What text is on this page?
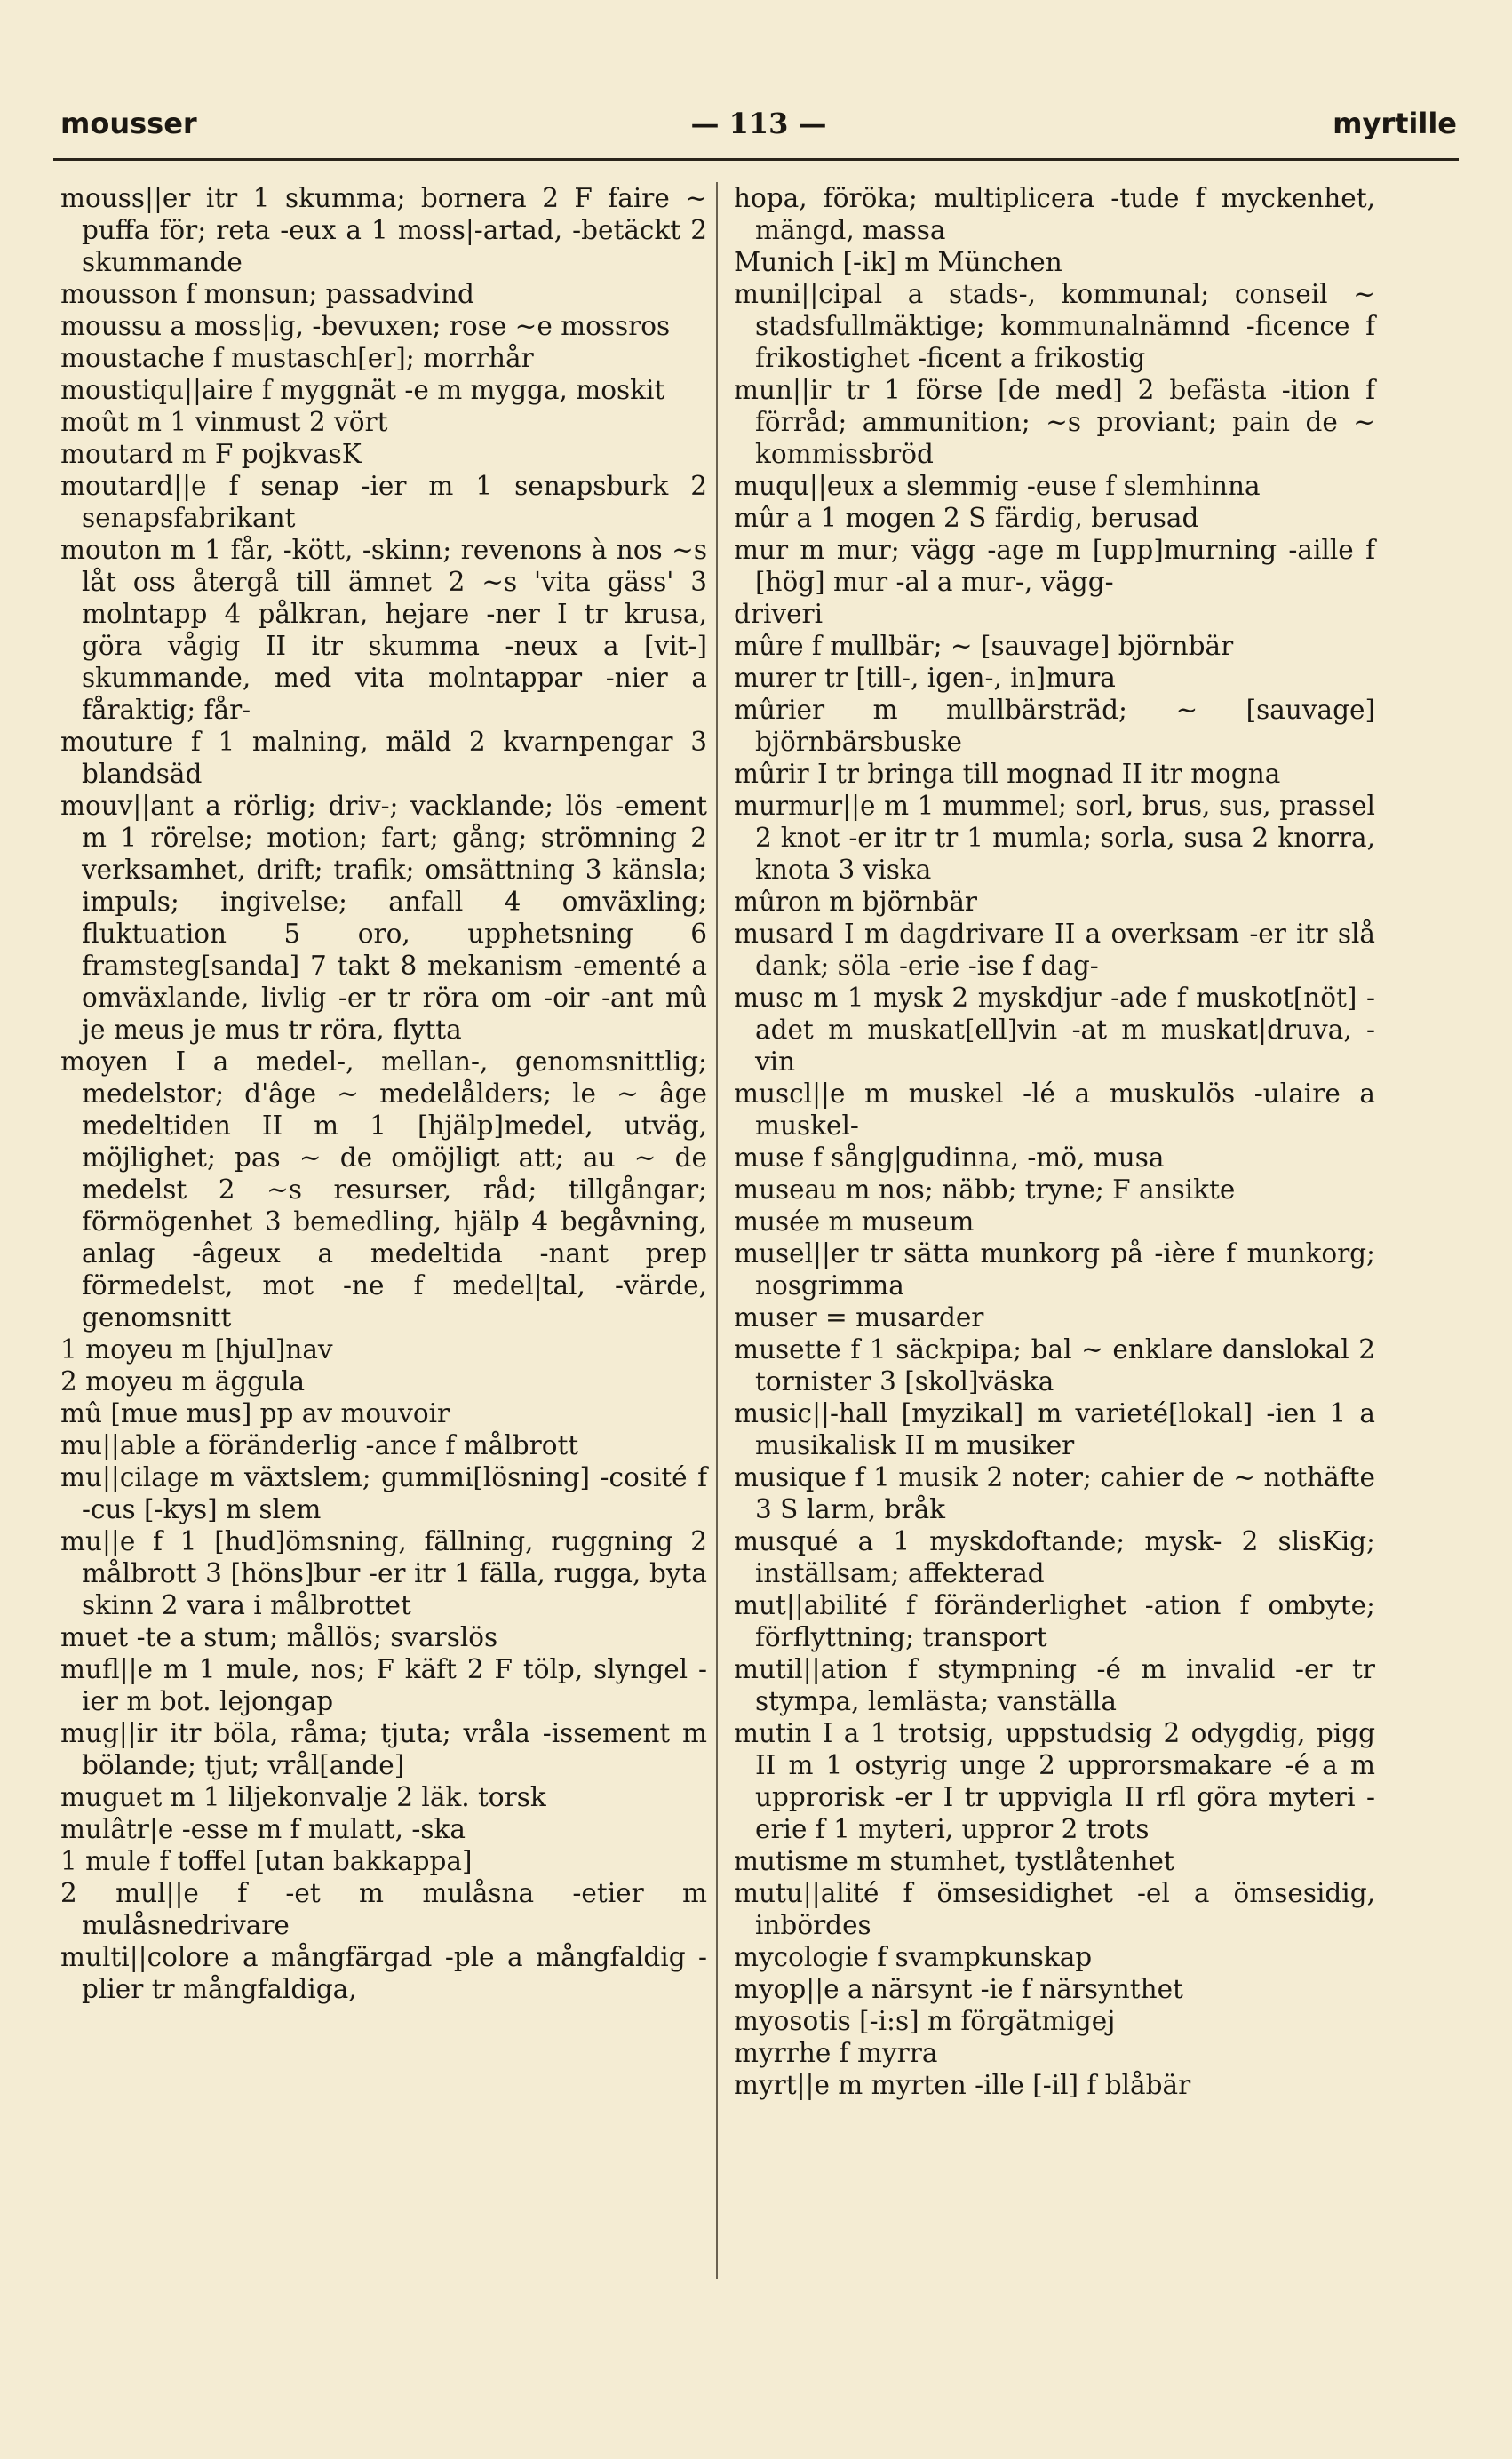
mousser	— 113 —	myrtille

mouss||er itr 1 skumma; bornera 2 F faire ~ puffa för; reta -eux a 1 moss|-artad, -betäckt 2 skummande

mousson f monsun; passadvind

moussu a moss|ig, -bevuxen; rose ~e mossros

moustache f mustasch[er]; morrhår

moustiqu||aire f myggnät -e m mygga, moskit

moût m 1 vinmust 2 vört

moutard m F pojkvasK

moutard||e f senap -ier m 1 senapsburk 2 senapsfabrikant

mouton m 1 får, -kött, -skinn; revenons à nos ~s låt oss återgå till ämnet 2 ~s 'vita gäss' 3 molntapp 4 pålkran, hejare -ner I tr krusa, göra vågig II itr skumma -neux a [vit-] skummande, med vita molntappar -nier a fåraktig; får-

mouture f 1 malning, mäld 2 kvarnpengar 3 blandsäd

mouv||ant a rörlig; driv-; vacklande; lös -ement m 1 rörelse; motion; fart; gång; strömning 2 verksamhet, drift; trafik; omsättning 3 känsla; impuls; ingivelse; anfall 4 omväxling; fluktuation 5 oro, upphetsning 6 framsteg[sanda] 7 takt 8 mekanism -ementé a omväxlande, livlig -er tr röra om -oir -ant mû je meus je mus tr röra, flytta

moyen I a medel-, mellan-, genomsnittlig; medelstor; d'âge ~ medelålders; le ~ âge medeltiden II m 1 [hjälp]medel, utväg, möjlighet; pas ~ de omöjligt att; au ~ de medelst 2 ~s resurser, råd; tillgångar; förmögenhet 3 bemedling, hjälp 4 begåvning, anlag -âgeux a medeltida -nant prep förmedelst, mot -ne f medel|tal, -värde, genomsnitt

1 moyeu m [hjul]nav

2 moyeu m äggula

mû [mue mus] pp av mouvoir

mu||able a föränderlig -ance f målbrott

mu||cilage m växtslem; gummi[lösning] -cosité f -cus [-kys] m slem

mu||e f 1 [hud]ömsning, fällning, ruggning 2 målbrott 3 [höns]bur -er itr 1 fälla, rugga, byta skinn 2 vara i målbrottet

muet -te a stum; mållös; svarslös

mufl||e m 1 mule, nos; F käft 2 F tölp, slyngel -ier m bot. lejongap

mug||ir itr böla, råma; tjuta; vråla -issement m bölande; tjut; vrål[ande]

muguet m 1 liljekonvalje 2 läk. torsk

mulâtr|e -esse m f mulatt, -ska

1 mule f toffel [utan bakkappa]

2 mul||e f -et m mulåsna -etier m mulåsnedrivare

multi||colore a mångfärgad -ple a mångfaldig -plier tr mångfaldiga,

hopa, föröka; multiplicera -tude f myckenhet, mängd, massa

Munich [-ik] m München

muni||cipal a stads-, kommunal; conseil ~ stadsfullmäktige; kommunalnämnd -ficence f frikostighet -ficent a frikostig

mun||ir tr 1 förse [de med] 2 befästa -ition f förråd; ammunition; ~s proviant; pain de ~ kommissbröd

muqu||eux a slemmig -euse f slemhinna

mûr a 1 mogen 2 S färdig, berusad

mur m mur; vägg -age m [upp]murning -aille f [hög] mur -al a mur-, vägg-

driveri

mûre f mullbär; ~ [sauvage] björnbär

murer tr [till-, igen-, in]mura

mûrier m mullbärsträd; ~ [sauvage] björnbärsbuske

mûrir I tr bringa till mognad II itr mogna

murmur||e m 1 mummel; sorl, brus, sus, prassel 2 knot -er itr tr 1 mumla; sorla, susa 2 knorra, knota 3 viska

mûron m björnbär

musard I m dagdrivare II a overksam -er itr slå dank; söla -erie -ise f dag-

musc m 1 mysk 2 myskdjur -ade f muskot[nöt] -adet m muskat[ell]vin -at m muskat|druva, -vin

muscl||e m muskel -lé a muskulös -ulaire a muskel-

muse f sång|gudinna, -mö, musa

museau m nos; näbb; tryne; F ansikte

musée m museum

musel||er tr sätta munkorg på -ière f munkorg; nosgrimma

muser = musarder

musette f 1 säckpipa; bal ~ enklare danslokal 2 tornister 3 [skol]väska

music||-hall [myzikal] m varieté[lokal] -ien 1 a musikalisk II m musiker

musique f 1 musik 2 noter; cahier de ~ nothäfte 3 S larm, bråk

musqué a 1 myskdoftande; mysk- 2 slisKig; inställsam; affekterad

mut||abilité f föränderlighet -ation f ombyte; förflyttning; transport

mutil||ation f stympning -é m invalid -er tr stympa, lemlästa; vanställa

mutin I a 1 trotsig, uppstudsig 2 odygdig, pigg II m 1 ostyrig unge 2 upprorsmakare -é a m upprorisk -er I tr uppvigla II rfl göra myteri -erie f 1 myteri, uppror 2 trots

mutisme m stumhet, tystlåtenhet

mutu||alité f ömsesidighet -el a ömsesidig, inbördes

mycologie f svampkunskap

myop||e a närsynt -ie f närsynthet

myosotis [-i:s] m förgätmigej

myrrhe f myrra

myrt||e m myrten -ille [-il] f blåbär
